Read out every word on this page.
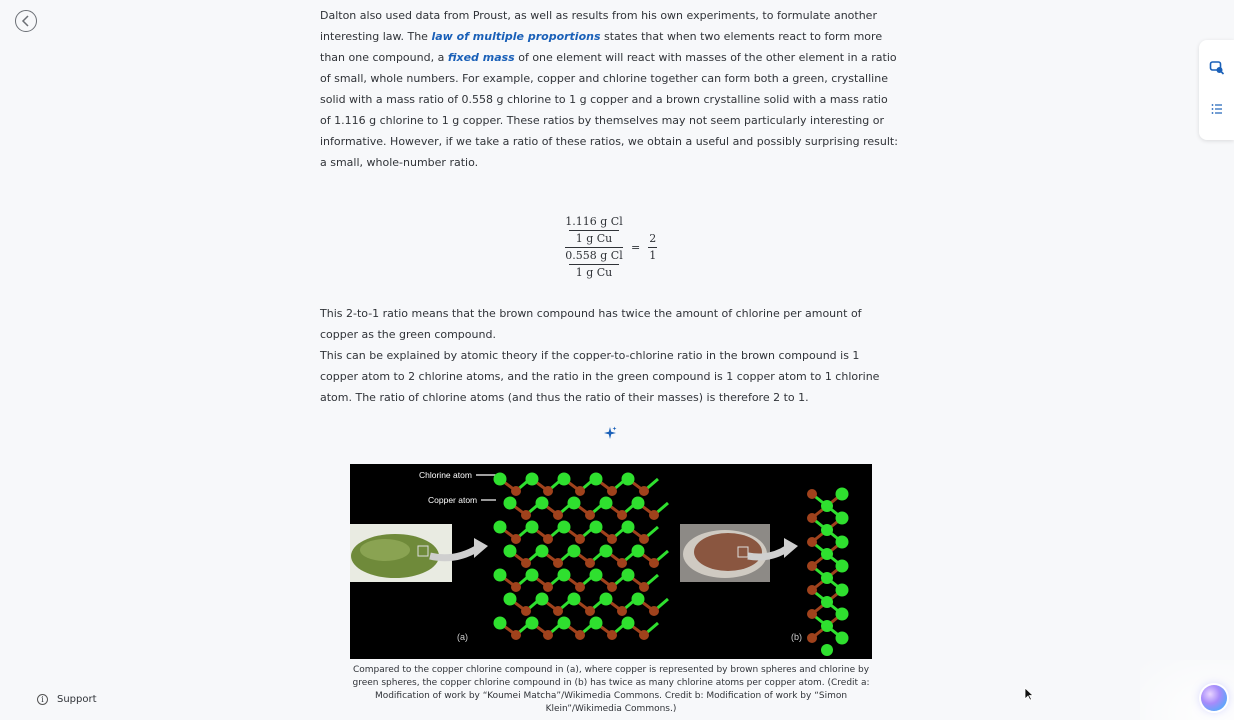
Dalton also used data from Proust, as well as results from his own experiments, to formulate another interesting law. The law of multiple proportions states that when two elements react to form more than one compound, a fixed mass of one element will react with masses of the other element in a ratio of small, whole numbers. For example, copper and chlorine together can form both a green, crystalline solid with a mass ratio of 0.558 g chlorine to 1 g copper and a brown crystalline solid with a mass ratio of 1.116 g chlorine to 1 g copper. These ratios by themselves may not seem particularly interesting or informative. However, if we take a ratio of these ratios, we obtain a useful and possibly surprising result: a small, whole-number ratio.

1.116 g Cl
1 g Cu
0.558 g Cl
1 g Cu
=
2
1

This 2-to-1 ratio means that the brown compound has twice the amount of chlorine per amount of copper as the green compound.

This can be explained by atomic theory if the copper-to-chlorine ratio in the brown compound is 1 copper atom to 2 chlorine atoms, and the ratio in the green compound is 1 copper atom to 1 chlorine atom. The ratio of chlorine atoms (and thus the ratio of their masses) is therefore 2 to 1.

Chlorine atom
Copper atom
(a)	(b)
Compared to the copper chlorine compound in (a), where copper is represented by brown spheres and chlorine by green spheres, the copper chlorine compound in (b) has twice as many chlorine atoms per copper atom. (Credit a: Modification of work by “Koumei Matcha”/Wikimedia Commons. Credit b: Modification of work by “Simon Klein”/Wikimedia Commons.)
i	Support
